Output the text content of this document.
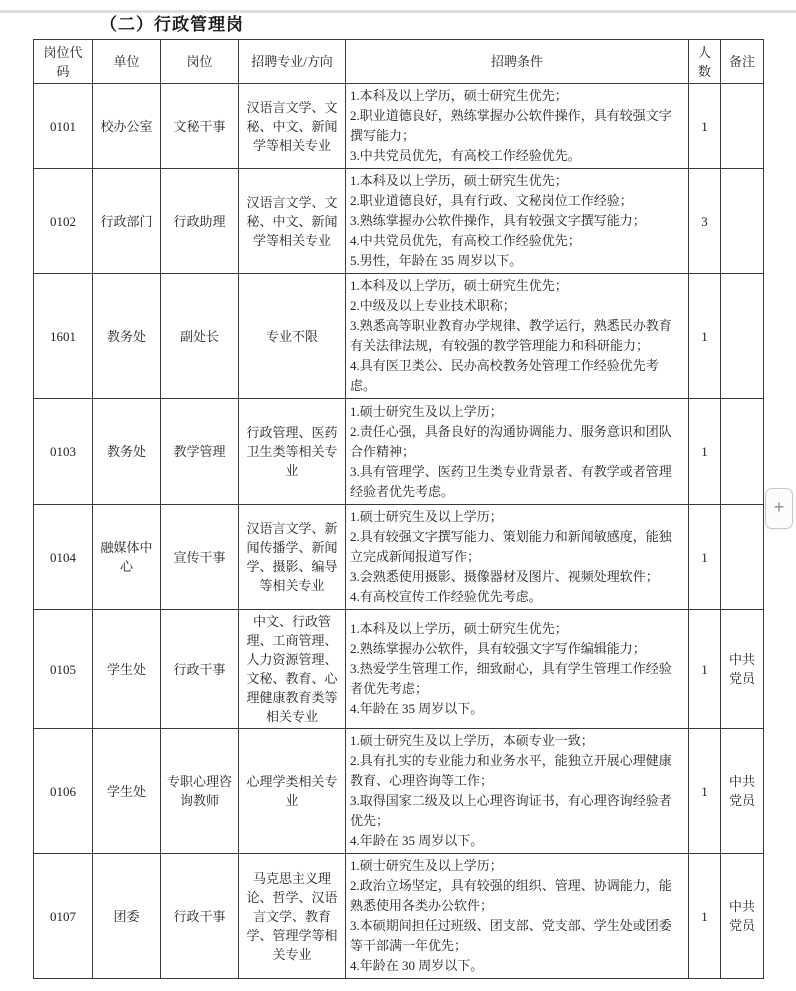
（二）行政管理岗
岗位代码	单位	岗位	招聘专业/方向	招聘条件	人数	备注
0101	校办公室	文秘干事	汉语言文学、文秘、中文、新闻学等相关专业	1.本科及以上学历，硕士研究生优先；
2.职业道德良好，熟练掌握办公软件操作，具有较强文字撰写能力；
3.中共党员优先，有高校工作经验优先。	1	
0102	行政部门	行政助理	汉语言文学、文秘、中文、新闻学等相关专业	1.本科及以上学历，硕士研究生优先；
2.职业道德良好，具有行政、文秘岗位工作经验；
3.熟练掌握办公软件操作，具有较强文字撰写能力；
4.中共党员优先，有高校工作经验优先；
5.男性，年龄在 35 周岁以下。	3	
1601	教务处	副处长	专业不限	1.本科及以上学历，硕士研究生优先；
2.中级及以上专业技术职称；
3.熟悉高等职业教育办学规律、教学运行，熟悉民办教育有关法律法规，有较强的教学管理能力和科研能力；
4.具有医卫类公、民办高校教务处管理工作经验优先考虑。	1	
0103	教务处	教学管理	行政管理、医药卫生类等相关专业	1.硕士研究生及以上学历；
2.责任心强，具备良好的沟通协调能力、服务意识和团队合作精神；
3.具有管理学、医药卫生类专业背景者、有教学或者管理经验者优先考虑。	1	
0104	融媒体中心	宣传干事	汉语言文学、新闻传播学、新闻学、摄影、编导等相关专业	1.硕士研究生及以上学历；
2.具有较强文字撰写能力、策划能力和新闻敏感度，能独立完成新闻报道写作；
3.会熟悉使用摄影、摄像器材及图片、视频处理软件；
4.有高校宣传工作经验优先考虑。	1	
0105	学生处	行政干事	中文、行政管理、工商管理、人力资源管理、文秘、教育、心理健康教育类等相关专业	1.本科及以上学历，硕士研究生优先；
2.熟练掌握办公软件，具有较强文字写作编辑能力；
3.热爱学生管理工作，细致耐心，具有学生管理工作经验者优先考虑；
4.年龄在 35 周岁以下。	1	中共党员
0106	学生处	专职心理咨询教师	心理学类相关专业	1.硕士研究生及以上学历，本硕专业一致；
2.具有扎实的专业能力和业务水平，能独立开展心理健康教育、心理咨询等工作；
3.取得国家二级及以上心理咨询证书，有心理咨询经验者优先；
4.年龄在 35 周岁以下。	1	中共党员
0107	团委	行政干事	马克思主义理论、哲学、汉语言文学、教育学、管理学等相关专业	1.硕士研究生及以上学历；
2.政治立场坚定，具有较强的组织、管理、协调能力，能熟悉使用各类办公软件；
3.本硕期间担任过班级、团支部、党支部、学生处或团委等干部满一年优先；
4.年龄在 30 周岁以下。	1	中共党员
+
